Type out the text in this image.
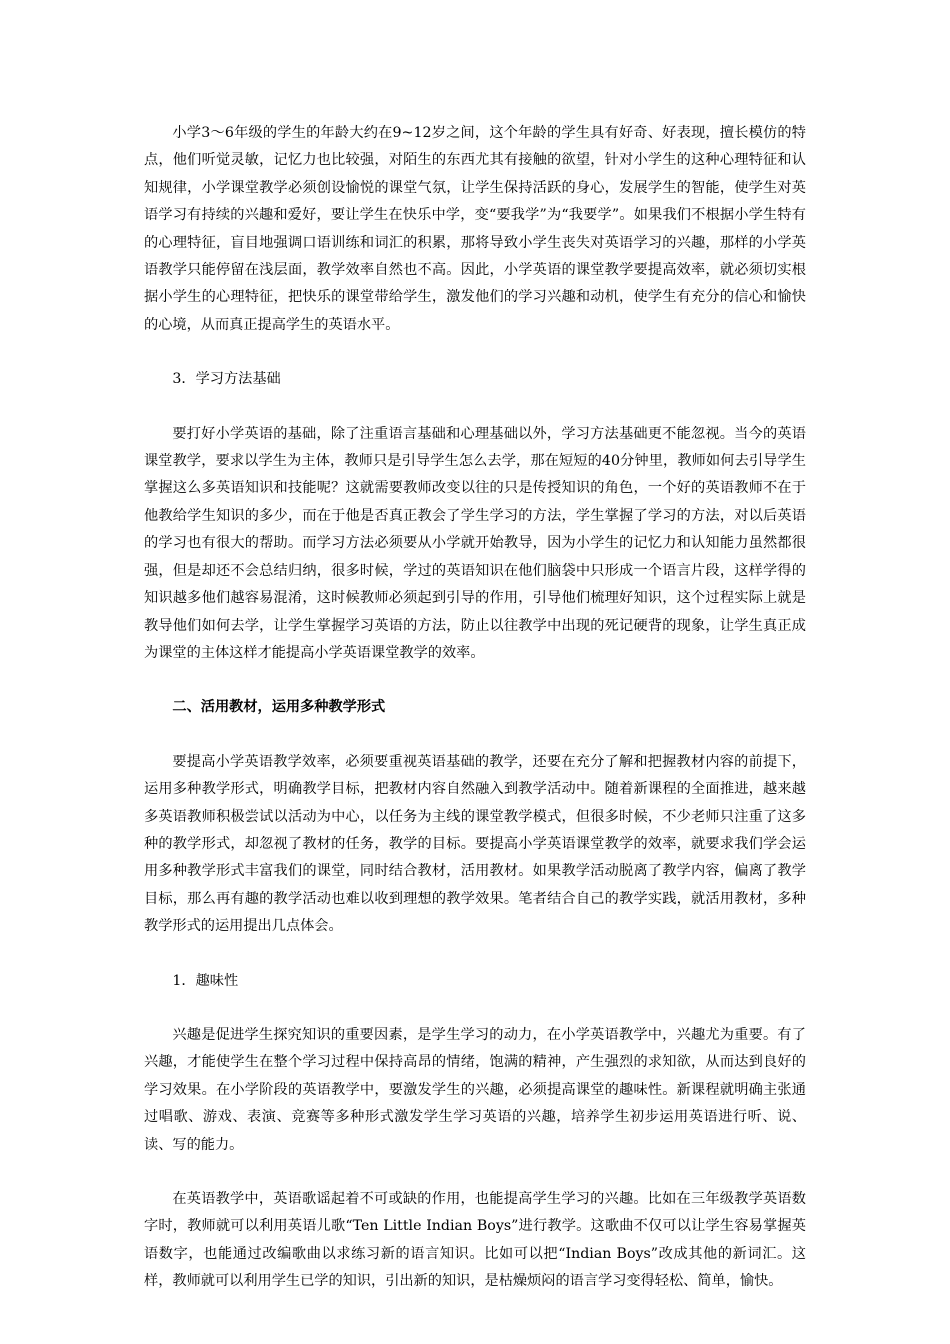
小学3～6年级的学生的年龄大约在9~12岁之间，这个年龄的学生具有好奇、好表现，擅长模仿的特点，他们听觉灵敏，记忆力也比较强，对陌生的东西尤其有接触的欲望，针对小学生的这种心理特征和认知规律，小学课堂教学必须创设愉悦的课堂气氛，让学生保持活跃的身心，发展学生的智能，使学生对英语学习有持续的兴趣和爱好，要让学生在快乐中学，变“要我学”为“我要学”。如果我们不根据小学生特有的心理特征，盲目地强调口语训练和词汇的积累，那将导致小学生丧失对英语学习的兴趣，那样的小学英语教学只能停留在浅层面，教学效率自然也不高。因此，小学英语的课堂教学要提高效率，就必须切实根据小学生的心理特征，把快乐的课堂带给学生，激发他们的学习兴趣和动机，使学生有充分的信心和愉快的心境，从而真正提高学生的英语水平。

3．学习方法基础

要打好小学英语的基础，除了注重语言基础和心理基础以外，学习方法基础更不能忽视。当今的英语课堂教学，要求以学生为主体，教师只是引导学生怎么去学，那在短短的40分钟里，教师如何去引导学生掌握这么多英语知识和技能呢？这就需要教师改变以往的只是传授知识的角色，一个好的英语教师不在于他教给学生知识的多少，而在于他是否真正教会了学生学习的方法，学生掌握了学习的方法，对以后英语的学习也有很大的帮助。而学习方法必须要从小学就开始教导，因为小学生的记忆力和认知能力虽然都很强，但是却还不会总结归纳，很多时候，学过的英语知识在他们脑袋中只形成一个语言片段，这样学得的知识越多他们越容易混淆，这时候教师必须起到引导的作用，引导他们梳理好知识，这个过程实际上就是教导他们如何去学，让学生掌握学习英语的方法，防止以往教学中出现的死记硬背的现象，让学生真正成为课堂的主体这样才能提高小学英语课堂教学的效率。

二、活用教材，运用多种教学形式

要提高小学英语教学效率，必须要重视英语基础的教学，还要在充分了解和把握教材内容的前提下，运用多种教学形式，明确教学目标，把教材内容自然融入到教学活动中。随着新课程的全面推进，越来越多英语教师积极尝试以活动为中心，以任务为主线的课堂教学模式，但很多时候，不少老师只注重了这多种的教学形式，却忽视了教材的任务，教学的目标。要提高小学英语课堂教学的效率，就要求我们学会运用多种教学形式丰富我们的课堂，同时结合教材，活用教材。如果教学活动脱离了教学内容，偏离了教学目标，那么再有趣的教学活动也难以收到理想的教学效果。笔者结合自己的教学实践，就活用教材，多种教学形式的运用提出几点体会。

1．趣味性

兴趣是促进学生探究知识的重要因素，是学生学习的动力，在小学英语教学中，兴趣尤为重要。有了兴趣，才能使学生在整个学习过程中保持高昂的情绪，饱满的精神，产生强烈的求知欲，从而达到良好的学习效果。在小学阶段的英语教学中，要激发学生的兴趣，必须提高课堂的趣味性。新课程就明确主张通过唱歌、游戏、表演、竞赛等多种形式激发学生学习英语的兴趣，培养学生初步运用英语进行听、说、读、写的能力。

在英语教学中，英语歌谣起着不可或缺的作用，也能提高学生学习的兴趣。比如在三年级教学英语数字时，教师就可以利用英语儿歌“Ten Little Indian Boys”进行教学。这歌曲不仅可以让学生容易掌握英语数字，也能通过改编歌曲以求练习新的语言知识。比如可以把“Indian Boys”改成其他的新词汇。这样，教师就可以利用学生已学的知识，引出新的知识，是枯燥烦闷的语言学习变得轻松、简单，愉快。
